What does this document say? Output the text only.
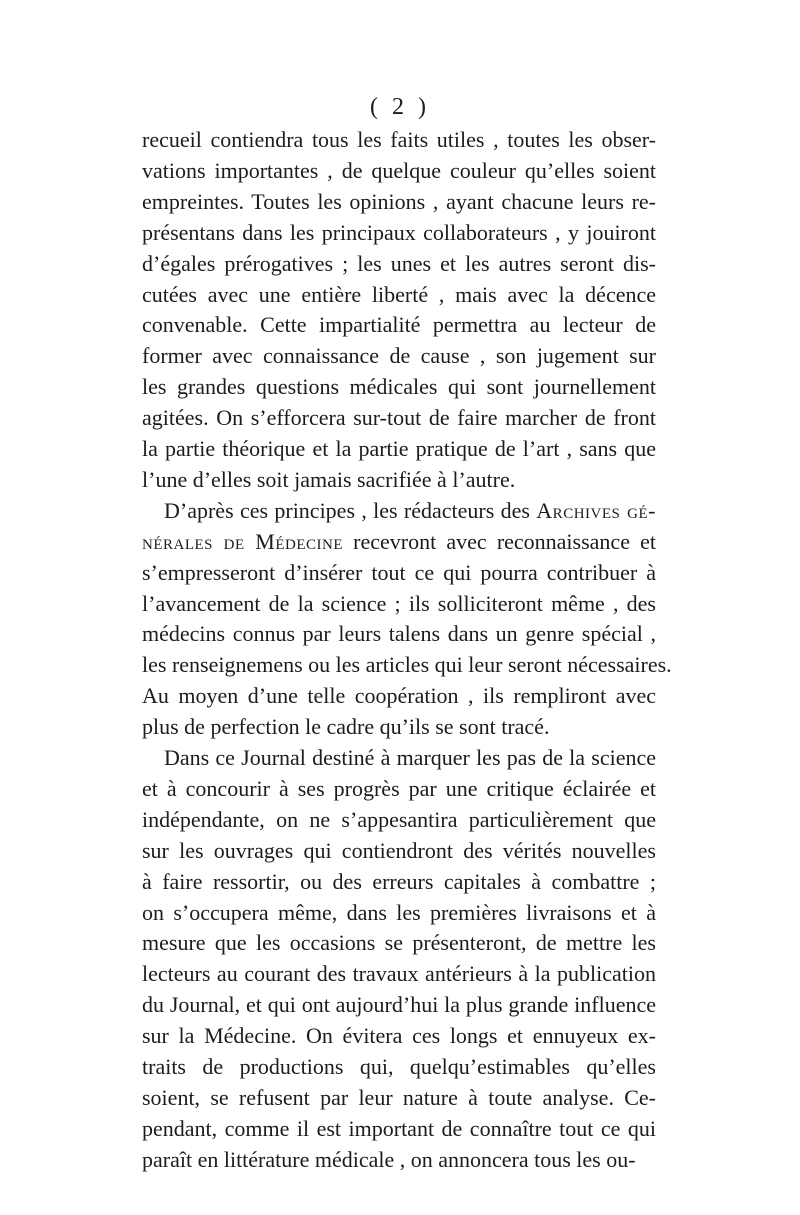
( 2 )
recueil contiendra tous les faits utiles , toutes les obser-
vations importantes , de quelque couleur qu’elles soient
empreintes. Toutes les opinions , ayant chacune leurs re-
présentans dans les principaux collaborateurs , y jouiront
d’égales prérogatives ; les unes et les autres seront dis-
cutées avec une entière liberté , mais avec la décence
convenable. Cette impartialité permettra au lecteur de
former avec connaissance de cause , son jugement sur
les grandes questions médicales qui sont journellement
agitées. On s’efforcera sur-tout de faire marcher de front
la partie théorique et la partie pratique de l’art , sans que
l’une d’elles soit jamais sacrifiée à l’autre.
D’après ces principes , les rédacteurs des Archives gé-
nérales de Médecine recevront avec reconnaissance et
s’empresseront d’insérer tout ce qui pourra contribuer à
l’avancement de la science ; ils solliciteront même , des
médecins connus par leurs talens dans un genre spécial ,
les renseignemens ou les articles qui leur seront nécessaires.
Au moyen d’une telle coopération , ils rempliront avec
plus de perfection le cadre qu’ils se sont tracé.
Dans ce Journal destiné à marquer les pas de la science
et à concourir à ses progrès par une critique éclairée et
indépendante, on ne s’appesantira particulièrement que
sur les ouvrages qui contiendront des vérités nouvelles
à faire ressortir, ou des erreurs capitales à combattre ;
on s’occupera même, dans les premières livraisons et à
mesure que les occasions se présenteront, de mettre les
lecteurs au courant des travaux antérieurs à la publication
du Journal, et qui ont aujourd’hui la plus grande influence
sur la Médecine. On évitera ces longs et ennuyeux ex-
traits de productions qui, quelqu’estimables qu’elles
soient, se refusent par leur nature à toute analyse. Ce-
pendant, comme il est important de connaître tout ce qui
paraît en littérature médicale , on annoncera tous les ou-
